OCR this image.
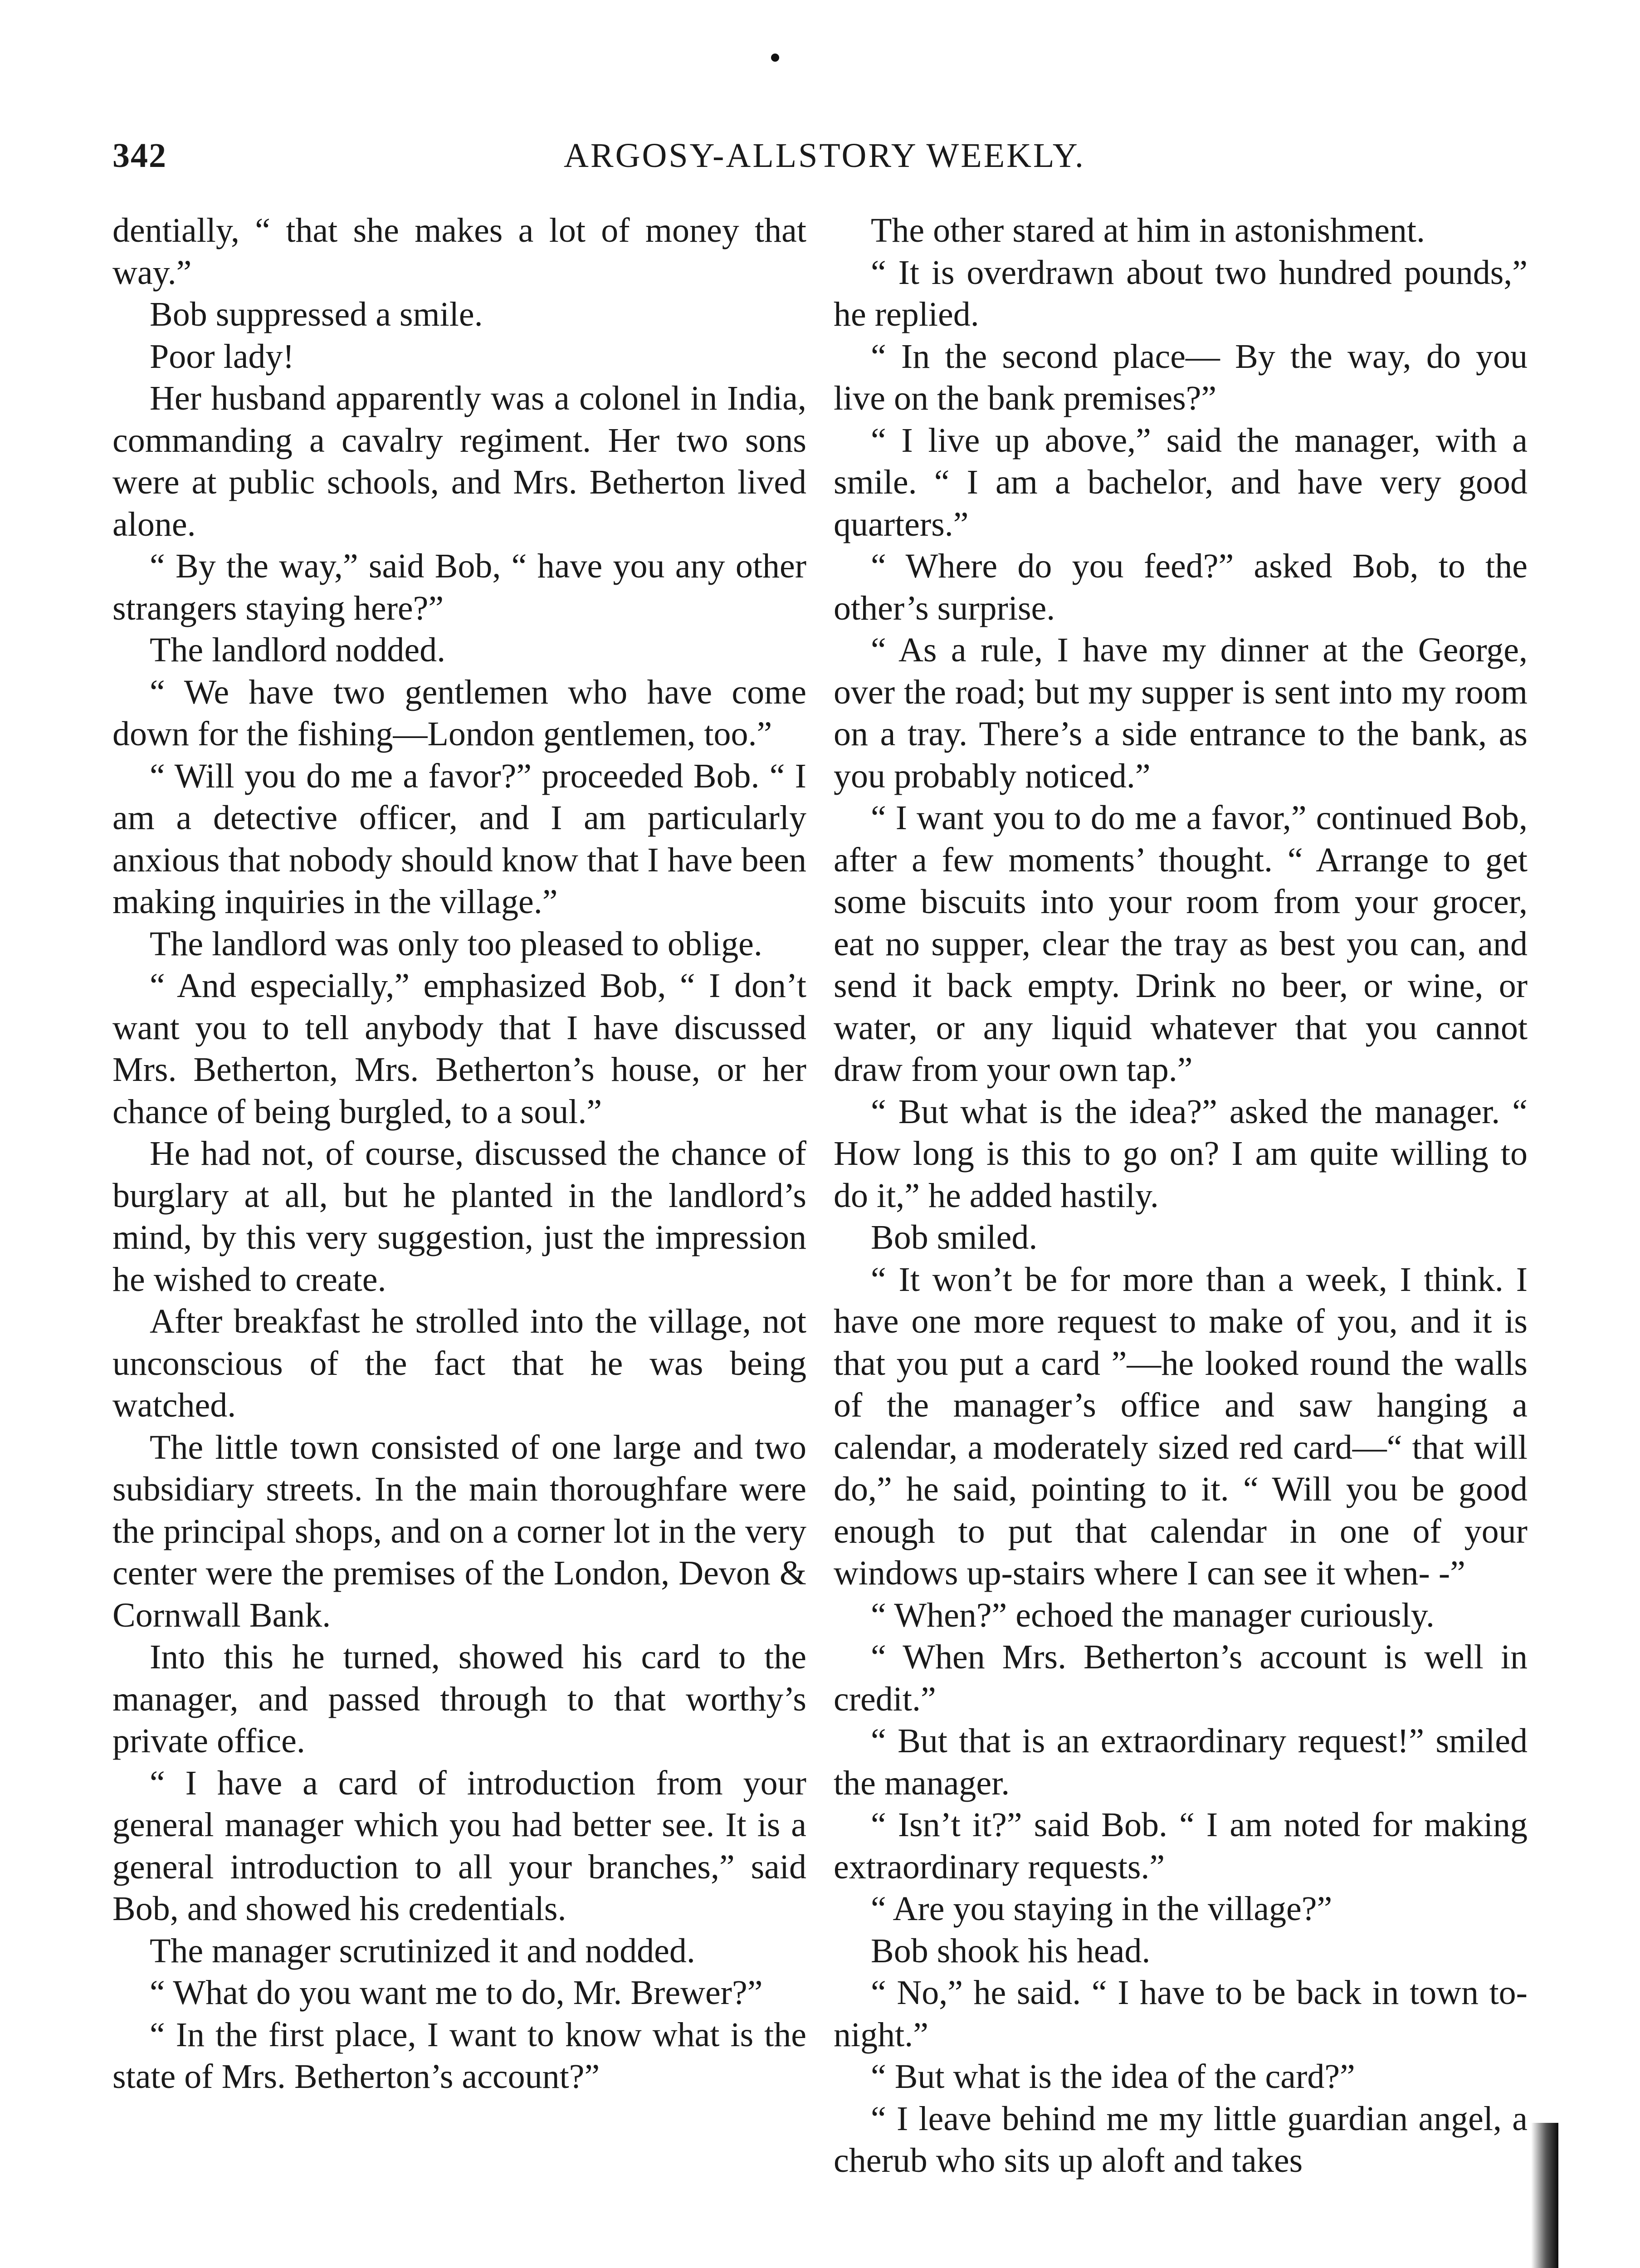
342	ARGOSY-ALLSTORY WEEKLY.

dentially, “ that she makes a lot of money that way.”

Bob suppressed a smile.

Poor lady!

Her husband apparently was a colonel in India, commanding a cavalry regiment. Her two sons were at public schools, and Mrs. Betherton lived alone.

“ By the way,” said Bob, “ have you any other strangers staying here?”

The landlord nodded.

“ We have two gentlemen who have come down for the fishing—London gentlemen, too.”

“ Will you do me a favor?” proceeded Bob. “ I am a detective officer, and I am particularly anxious that nobody should know that I have been making inquiries in the village.”

The landlord was only too pleased to oblige.

“ And especially,” emphasized Bob, “ I don’t want you to tell anybody that I have discussed Mrs. Betherton, Mrs. Betherton’s house, or her chance of being burgled, to a soul.”

He had not, of course, discussed the chance of burglary at all, but he planted in the landlord’s mind, by this very suggestion, just the impression he wished to create.

After breakfast he strolled into the village, not unconscious of the fact that he was being watched.

The little town consisted of one large and two subsidiary streets. In the main thoroughfare were the principal shops, and on a corner lot in the very center were the premises of the London, Devon & Cornwall Bank.

Into this he turned, showed his card to the manager, and passed through to that worthy’s private office.

“ I have a card of introduction from your general manager which you had better see. It is a general introduction to all your branches,” said Bob, and showed his credentials.

The manager scrutinized it and nodded.

“ What do you want me to do, Mr. Brewer?”

“ In the first place, I want to know what is the state of Mrs. Betherton’s account?”

The other stared at him in astonishment.

“ It is overdrawn about two hundred pounds,” he replied.

“ In the second place— By the way, do you live on the bank premises?”

“ I live up above,” said the manager, with a smile. “ I am a bachelor, and have very good quarters.”

“ Where do you feed?” asked Bob, to the other’s surprise.

“ As a rule, I have my dinner at the George, over the road; but my supper is sent into my room on a tray. There’s a side entrance to the bank, as you probably noticed.”

“ I want you to do me a favor,” continued Bob, after a few moments’ thought. “ Arrange to get some biscuits into your room from your grocer, eat no supper, clear the tray as best you can, and send it back empty. Drink no beer, or wine, or water, or any liquid whatever that you cannot draw from your own tap.”

“ But what is the idea?” asked the manager. “ How long is this to go on? I am quite willing to do it,” he added hastily.

Bob smiled.

“ It won’t be for more than a week, I think. I have one more request to make of you, and it is that you put a card ”—he looked round the walls of the manager’s office and saw hanging a calendar, a moderately sized red card—“ that will do,” he said, pointing to it. “ Will you be good enough to put that calendar in one of your windows up-stairs where I can see it when- -”

“ When?” echoed the manager curiously.

“ When Mrs. Betherton’s account is well in credit.”

“ But that is an extraordinary request!” smiled the manager.

“ Isn’t it?” said Bob. “ I am noted for making extraordinary requests.”

“ Are you staying in the village?”

Bob shook his head.

“ No,” he said. “ I have to be back in town to-night.”

“ But what is the idea of the card?”

“ I leave behind me my little guardian angel, a cherub who sits up aloft and takes
